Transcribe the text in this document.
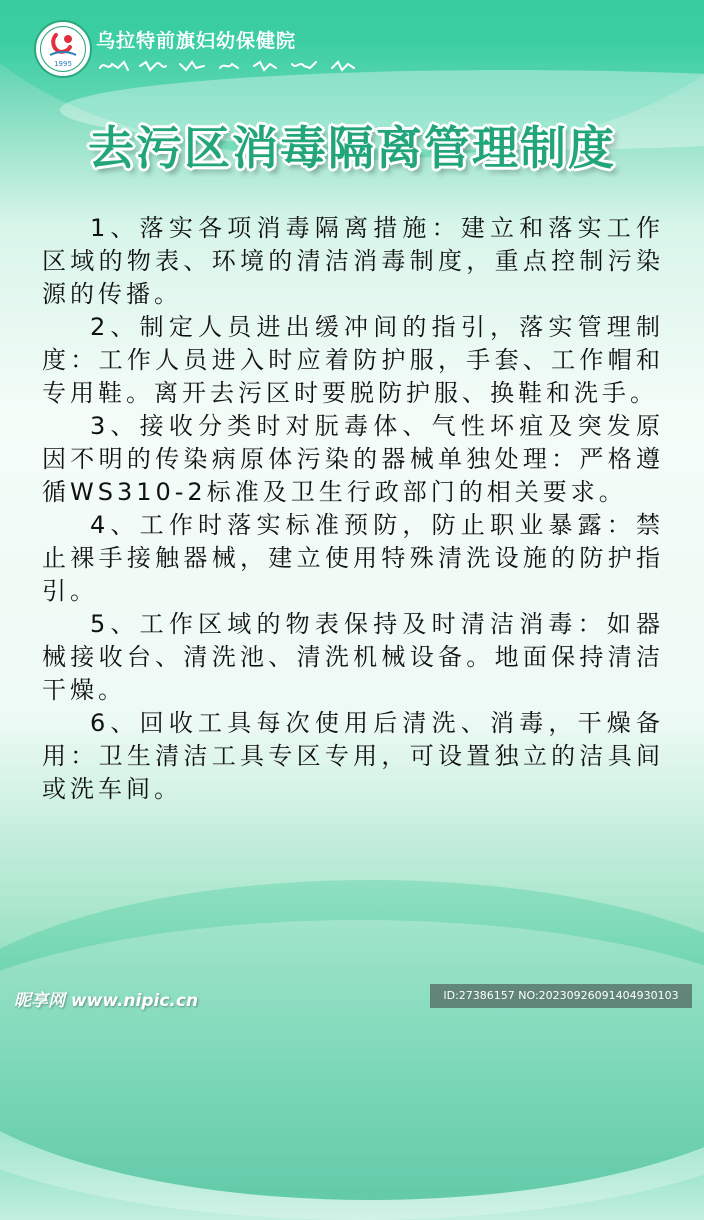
1995
乌拉特前旗妇幼保健院
去污区消毒隔离管理制度

1、落实各项消毒隔离措施：建立和落实工作区域的物表、环境的清洁消毒制度，重点控制污染源的传播。

2、制定人员进出缓冲间的指引，落实管理制度：工作人员进入时应着防护服，手套、工作帽和专用鞋。离开去污区时要脱防护服、换鞋和洗手。

3、接收分类时对朊毒体、气性坏疽及突发原因不明的传染病原体污染的器械单独处理：严格遵循WS310-2标准及卫生行政部门的相关要求。

4、工作时落实标准预防，防止职业暴露：禁止裸手接触器械，建立使用特殊清洗设施的防护指引。

5、工作区域的物表保持及时清洁消毒：如器械接收台、清洗池、清洗机械设备。地面保持清洁干燥。

6、回收工具每次使用后清洗、消毒，干燥备用：卫生清洁工具专区专用，可设置独立的洁具间或洗车间。

昵享网 www.nipic.cn	ID:27386157 NO:20230926091404930103
